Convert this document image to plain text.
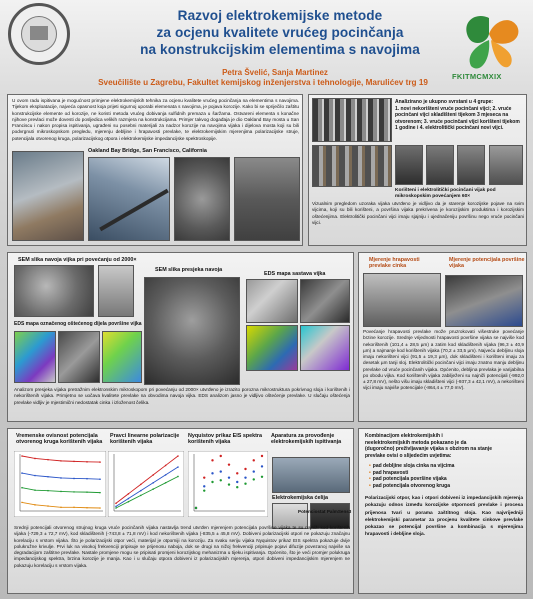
Razvoj elektrokemijske metode
za ocjenu kvalitete vrućeg pocinčanja
na konstrukcijskim elementima s navojima
Petra Švelić, Sanja Martinez
Sveučilište u Zagrebu, Fakultet kemijskog inženjerstva i tehnologije, Marulićev trg 19
FKITMCMXIX
U ovom radu ispitivana je mogućnost primjene elektrokemijskih tehnika za ocjenu kvalitete vrućeg pocinčanja na elementima s navojima. Tijekom eksploatacije, najveća opasnost koja prijeti sigurnoj uporabi elemenata s navojima, je pojava korozije. Kako bi se spriječilo zaštitu konstrukcijske elemente od korozije, ne koristi metoda vrućeg dobivanja sulfidnih premaza u šaržama. Ostvareni elementa s konačne njihove prevlaci može dovesti do posljedica velikih razmjera na konstrukcijama. Primjer takvog događaja je dio Oakland Bay mosta u San Franciscu i nakon propisa ispitivanja, ugrađeni su posebni materijali za nadzor korozije na navojima vijaka i dijelova mosta koji su bili podvrgnuti mikroskopskom pregledu, mjerenju debljine i hrapavosti prevlake, te elektrokemijskim mjerenjima polarizacijske struje, potencijala otvorenog kruga, polarizacijskog otpora i elektrokemijske impedancijske spektroskopije.
Oakland Bay Bridge, San Francisco, California
Analizirano je ukupno svrstani u 4 grupe:
1. novi nekorišteni vruće pocinčani vijci; 2. vruće
pocinčani vijci skladišteni tijekom 3 mjeseca na
otvorenom; 3. vruće pocinčani vijci korišteni tijekom
1 godine i 4. elektrolitički pocinčani novi vijci.
Korišteni i elektrolitički pocinčani vijak pod mikroskopskim povećanjem 60×
Vizualnim pregledom uzoraka vijaka utvrđeno je vidljivo da je starenje korozijske pojave na svim vijcima, koji su bili korišteni, a površina vijaka prekrivena je korozijskim produktima i korozijskim oštećenjima. Elektrolitički pocinčani vijci imaju sjajniju i ujednačeniju površinu nego vruće pocinčani vijci.
SEM slika navoja vijka pri povećanju od 2000×
SEM slika presjeka navoja
EDS mapa sastava vijka
EDS mapa označenog oštećenog dijela površine vijka
Analizom presjeka vijaka pretražnim elektronskim mikroskopom pri povećanju od 2000× utvrđeno je izrazito porozna mikrostruktura pokrivnog sloja i korištenih i nekorištenih vijaka. Primjetno se uočava kvalitete prevlake na obvodima navoja vijka. EDS analizom jasno je vidljivo oštećenje prevlake. U slučaju oštećenja prevlake vidljiv je mjestimični nedostatak cinka i izloženost čelika.
Mjerenje hrapavosti prevlake cinka
Mjerenje potencijala površine vijaka
Povećanje hrapavosti prevlake može pruzrokovati višestruke povećanje brzine korozije. Srednje vrijednosti hrapavosti površine vijaka se najviše kod nekorištenih (101,4 ± 28,5 µm) a zatim kod skladištenih vijaka (96,3 ± 40,9 µm) a najmanje kod korištenih vijaka (70,2 ± 33,5 µm). Najveću debljinu sloja imaju nekorišteni vijci (91,5 ± 19,3 µm), dok skladišteni i korišteni imaju za desetak µm tanji sloj. Elektrolitički pocinčani vijci imaju znatno manju debljinu prevlake od vruće pocinčanih vijaka. Općenito, debljina prevlaka je varijabilna po obodu vijka. Kod korištenih vijaka zabilježeni su najniži potencijali (-992,0 ± 27,8 mV), nešto višu imaju skladišteni vijci (-937,3 ± 42,1 mV), a nekorišteni vijci imaju najviše potencijale (-864,4 ± 77,0 mV).
Vremenske ovisnost potencijala otvorenog kruga korištenih vijaka
Pravci linearne polarizacije korištenih vijaka
Nyquistov prikaz EIS spektra korištenih vijaka
Aparatura za provođenje elektrokemijskih ispitivanja
Elektrokemijska ćelija
Potenciostat PalmSens3
Srednji potencijali otvorenog strujnog kruga vruće pocinčanih vijaka nastavlja trend utvrđen mjerenjem potencijala površine vijaka te su najniži kod korištenih vijaka (-729,3 ± 72,7 mV), kod skladištenih (-743,8 ± 71,8 mV) i kod nekorištenih vijaka (-835,5 ± 45,8 mV). Dobiveni polarizacijski otpori ne pokazuju značajnu korelaciju s vrstom vijaka. Što je polarizacijski otpor veći, materijal je otporniji na koroziju. Za svaku seriju vijaka Nyquistov prikaz EIS spektra pokazuje dvije polukružne krivulje. Prvi luk na visokoj frekvenciji pripisuje se prijenosu naboja, dok se drugi na nižoj frekvenciji pripisuje pojavi difuzije povezanoj najviše sa degradacijom zaštitne prevlake. Nastale promjene mogu se pripisati promjeni korozijskog mehanizma u tijeku ispitivanja. Općenito, što je veći promjer polukruga impedancijskog spektra, brzina korozije je manja. Kao i u slučaju otpora dobiveni iz polarizacijskih mjerenja, otpori dobiveni impedancijskim mjerenjem ne pokazuju korelaciju s vrstom vijaka.
Kombinacijom elektrokemijskih i
neelektrokemijskih metoda pokazano je da
(dugoročno) preživljavanje vijaka s obzirom na stanje
prevlake ovisi o slijedećim uvjetima:
• pad debljine sloja cinka na vijcima
• pad hrapavosti
• pad potencijala površine vijaka
• pad potencijala otvorenog kruga
Polarizacijski otpor, kao i otpori dobiveni iz impedancijskih mjerenja pokazuju odnos između korozijske otpornosti prevlake i procesa prijenosa tvari u porama zaštitnog sloja. Kao najvrijedniji elektrokemijski parametar za procjenu kvalitete cinkove prevlake pokazao se potencijal površine a kombinacija s mjerenjima hrapavosti i debljine sloja.
